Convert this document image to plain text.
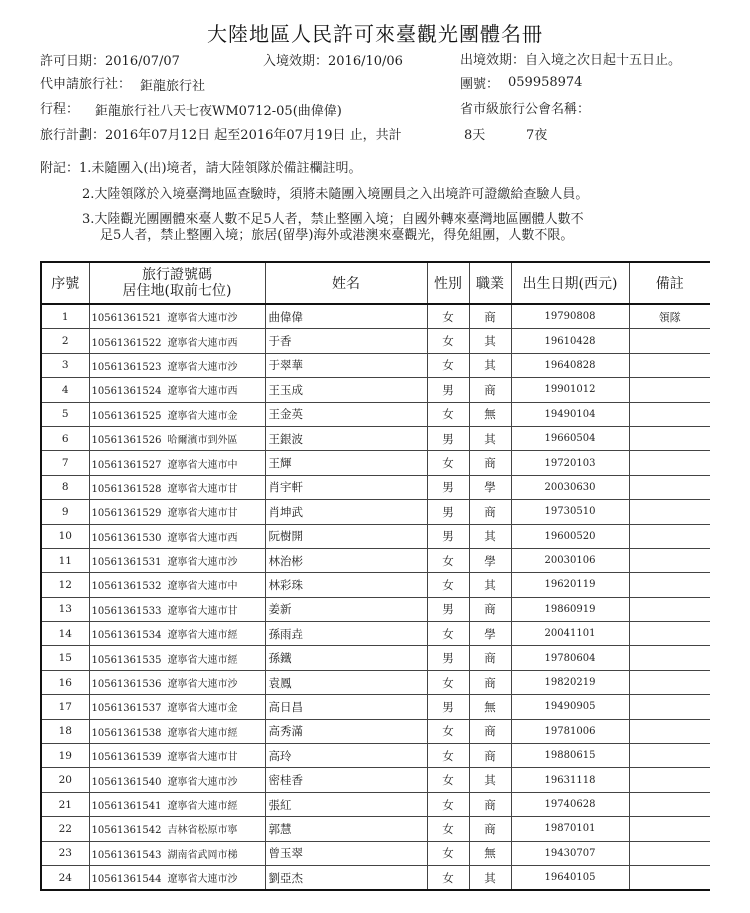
大陸地區人民許可來臺觀光團體名冊
許可日期：2016/07/07	入境效期：2016/10/06	出境效期：自入境之次日起十五日止。
代申請旅行社： 鉅龍旅行社	團號： 059958974
行程： 鉅龍旅行社八天七夜WM0712-05(曲偉偉)	省市級旅行公會名稱：
旅行計劃：2016年07月12日 起至2016年07月19日 止，共計	8天	7夜
附記：1.未隨團入(出)境者，請大陸領隊於備註欄註明。
2.大陸領隊於入境臺灣地區查驗時，須將未隨團入境團員之入出境許可證繳給查驗人員。
3.大陸觀光團團體來臺人數不足5人者，禁止整團入境；自國外轉來臺灣地區團體人數不
足5人者，禁止整團入境；旅居(留學)海外或港澳來臺觀光，得免組團，人數不限。
序號	旅行證號碼
居住地(取前七位)	姓名	性別	職業	出生日期(西元)	備註
1	10561361521 遼寧省大連市沙	曲偉偉	女	商	19790808	領隊
2	10561361522 遼寧省大連市西	于香	女	其	19610428	
3	10561361523 遼寧省大連市沙	于翠華	女	其	19640828	
4	10561361524 遼寧省大連市西	王玉成	男	商	19901012	
5	10561361525 遼寧省大連市金	王金英	女	無	19490104	
6	10561361526 哈爾濱市到外區	王銀波	男	其	19660504	
7	10561361527 遼寧省大連市中	王輝	女	商	19720103	
8	10561361528 遼寧省大連市甘	肖宇軒	男	學	20030630	
9	10561361529 遼寧省大連市甘	肖坤武	男	商	19730510	
10	10561361530 遼寧省大連市西	阮樹開	男	其	19600520	
11	10561361531 遼寧省大連市沙	林治彬	女	學	20030106	
12	10561361532 遼寧省大連市中	林彩珠	女	其	19620119	
13	10561361533 遼寧省大連市甘	姜新	男	商	19860919	
14	10561361534 遼寧省大連市經	孫雨垚	女	學	20041101	
15	10561361535 遼寧省大連市經	孫鐵	男	商	19780604	
16	10561361536 遼寧省大連市沙	袁鳳	女	商	19820219	
17	10561361537 遼寧省大連市金	高日昌	男	無	19490905	
18	10561361538 遼寧省大連市經	高秀滿	女	商	19781006	
19	10561361539 遼寧省大連市甘	高玲	女	商	19880615	
20	10561361540 遼寧省大連市沙	密桂香	女	其	19631118	
21	10561361541 遼寧省大連市經	張紅	女	商	19740628	
22	10561361542 吉林省松原市寧	郭慧	女	商	19870101	
23	10561361543 湖南省武岡市梯	曾玉翠	女	無	19430707	
24	10561361544 遼寧省大連市沙	劉亞杰	女	其	19640105	
